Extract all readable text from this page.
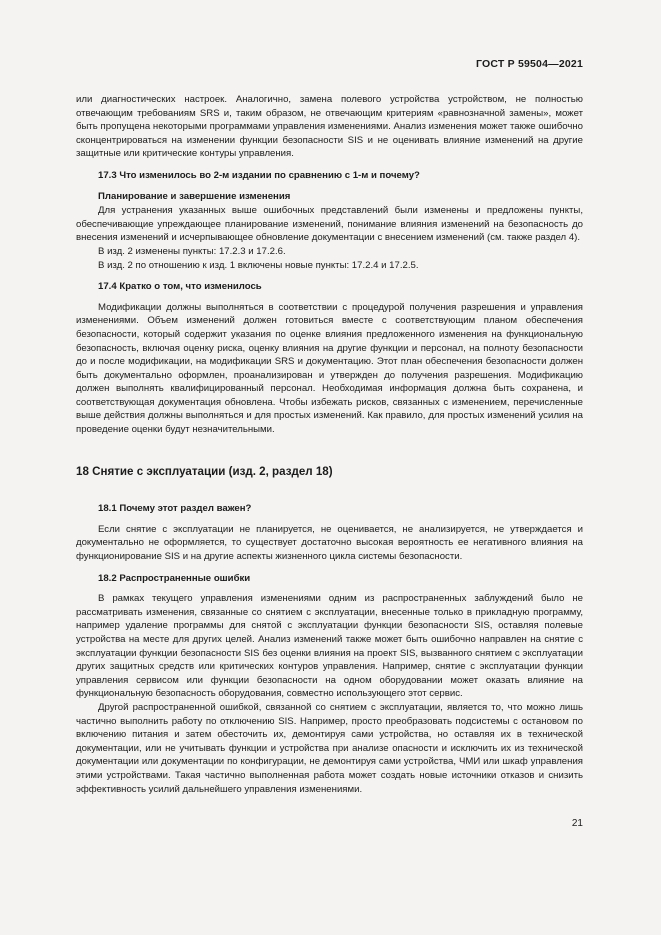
ГОСТ Р 59504—2021

или диагностических настроек. Аналогично, замена полевого устройства устройством, не полностью отвечающим требованиям SRS и, таким образом, не отвечающим критериям «равнозначной замены», может быть пропущена некоторыми программами управления изменениями. Анализ изменения может также ошибочно сконцентрироваться на изменении функции безопасности SIS и не оценивать влияние изменений на другие защитные или критические контуры управления.

17.3 Что изменилось во 2-м издании по сравнению с 1-м и почему?

Планирование и завершение изменения

Для устранения указанных выше ошибочных представлений были изменены и предложены пункты, обеспечивающие упреждающее планирование изменений, понимание влияния изменений на безопасность до внесения изменений и исчерпывающее обновление документации с внесением изменений (см. также раздел 4).

В изд. 2 изменены пункты: 17.2.3 и 17.2.6.

В изд. 2 по отношению к изд. 1 включены новые пункты: 17.2.4 и 17.2.5.

17.4 Кратко о том, что изменилось

Модификации должны выполняться в соответствии с процедурой получения разрешения и управления изменениями. Объем изменений должен готовиться вместе с соответствующим планом обеспечения безопасности, который содержит указания по оценке влияния предложенного изменения на функциональную безопасность, включая оценку риска, оценку влияния на другие функции и персонал, на полноту безопасности до и после модификации, на модификации SRS и документацию. Этот план обеспечения безопасности должен быть документально оформлен, проанализирован и утвержден до получения разрешения. Модификацию должен выполнять квалифицированный персонал. Необходимая информация должна быть сохранена, и соответствующая документация обновлена. Чтобы избежать рисков, связанных с изменением, перечисленные выше действия должны выполняться и для простых изменений. Как правило, для простых изменений усилия на проведение оценки будут незначительными.

18 Снятие с эксплуатации (изд. 2, раздел 18)

18.1 Почему этот раздел важен?

Если снятие с эксплуатации не планируется, не оценивается, не анализируется, не утверждается и документально не оформляется, то существует достаточно высокая вероятность ее негативного влияния на функционирование SIS и на другие аспекты жизненного цикла системы безопасности.

18.2 Распространенные ошибки

В рамках текущего управления изменениями одним из распространенных заблуждений было не рассматривать изменения, связанные со снятием с эксплуатации, внесенные только в прикладную программу, например удаление программы для снятой с эксплуатации функции безопасности SIS, оставляя полевые устройства на месте для других целей. Анализ изменений также может быть ошибочно направлен на снятие с эксплуатации функции безопасности SIS без оценки влияния на проект SIS, вызванного снятием с эксплуатации других защитных средств или критических контуров управления. Например, снятие с эксплуатации функции управления сервисом или функции безопасности на одном оборудовании может оказать влияние на функциональную безопасность оборудования, совместно использующего этот сервис.

Другой распространенной ошибкой, связанной со снятием с эксплуатации, является то, что можно лишь частично выполнить работу по отключению SIS. Например, просто преобразовать подсистемы с остановом по включению питания и затем обесточить их, демонтируя сами устройства, но оставляя их в технической документации, или не учитывать функции и устройства при анализе опасности и исключить их из технической документации или документации по конфигурации, не демонтируя сами устройства, ЧМИ или шкаф управления этими устройствами. Такая частично выполненная работа может создать новые источники отказов и снизить эффективность усилий дальнейшего управления изменениями.

21
